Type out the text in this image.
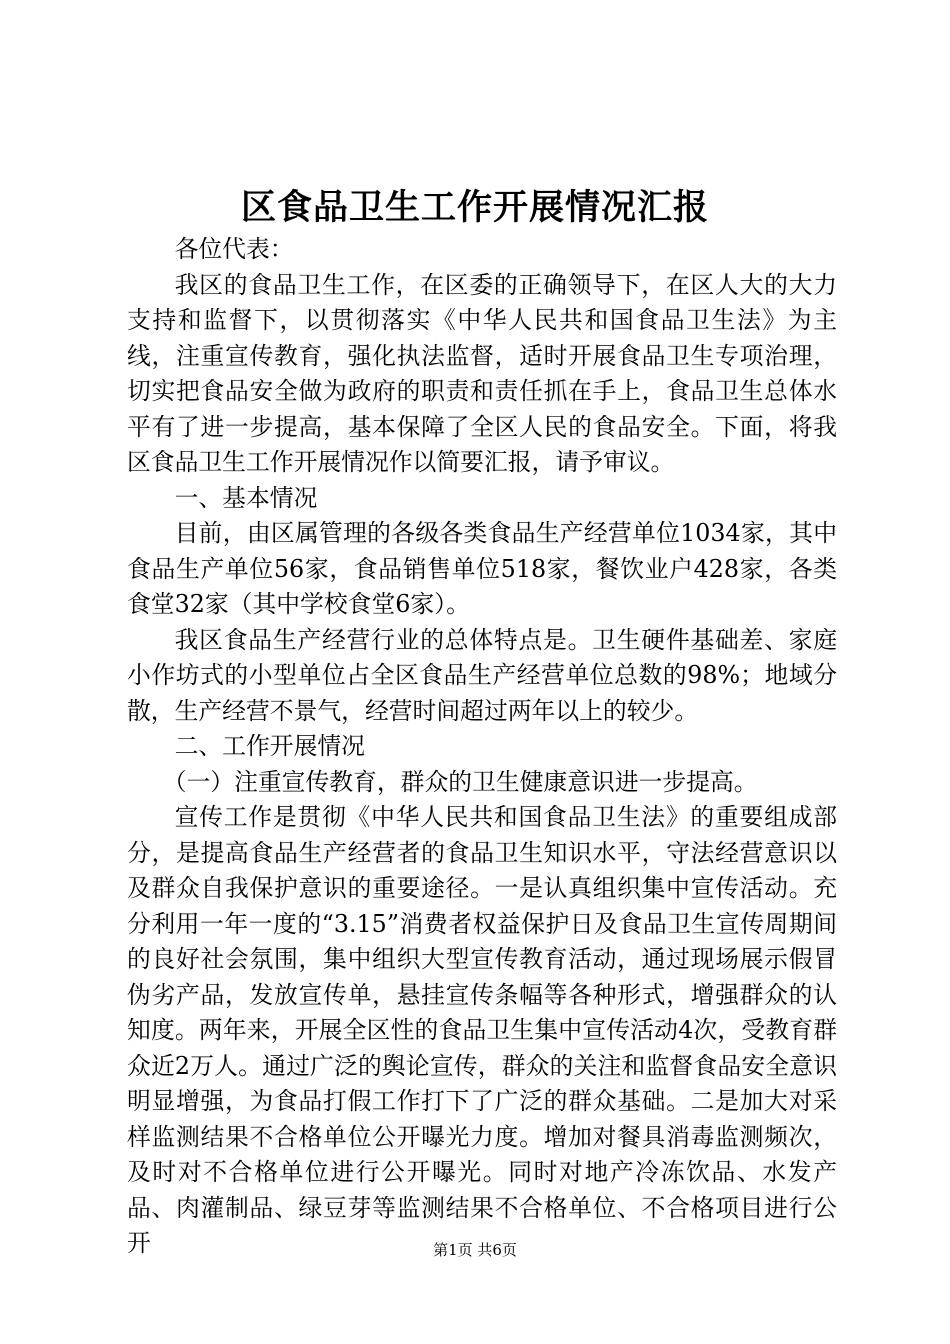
区食品卫生工作开展情况汇报

各位代表：

我区的食品卫生工作，在区委的正确领导下，在区人大的大力支持和监督下，以贯彻落实《中华人民共和国食品卫生法》为主线，注重宣传教育，强化执法监督，适时开展食品卫生专项治理，切实把食品安全做为政府的职责和责任抓在手上，食品卫生总体水平有了进一步提高，基本保障了全区人民的食品安全。下面，将我区食品卫生工作开展情况作以简要汇报，请予审议。

一、基本情况

目前，由区属管理的各级各类食品生产经营单位1034家，其中食品生产单位56家，食品销售单位518家，餐饮业户428家，各类食堂32家（其中学校食堂6家）。

我区食品生产经营行业的总体特点是。卫生硬件基础差、家庭小作坊式的小型单位占全区食品生产经营单位总数的98%；地域分散，生产经营不景气，经营时间超过两年以上的较少。

二、工作开展情况

（一）注重宣传教育，群众的卫生健康意识进一步提高。

宣传工作是贯彻《中华人民共和国食品卫生法》的重要组成部分，是提高食品生产经营者的食品卫生知识水平，守法经营意识以及群众自我保护意识的重要途径。一是认真组织集中宣传活动。充分利用一年一度的“3.15”消费者权益保护日及食品卫生宣传周期间的良好社会氛围，集中组织大型宣传教育活动，通过现场展示假冒伪劣产品，发放宣传单，悬挂宣传条幅等各种形式，增强群众的认知度。两年来，开展全区性的食品卫生集中宣传活动4次，受教育群众近2万人。通过广泛的舆论宣传，群众的关注和监督食品安全意识明显增强，为食品打假工作打下了广泛的群众基础。二是加大对采样监测结果不合格单位公开曝光力度。增加对餐具消毒监测频次，及时对不合格单位进行公开曝光。同时对地产冷冻饮品、水发产品、肉灌制品、绿豆芽等监测结果不合格单位、不合格项目进行公开	第1页 共6页
